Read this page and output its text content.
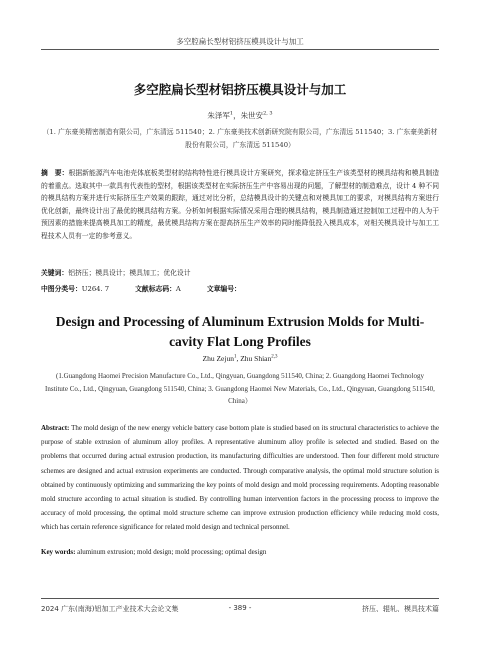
多空腔扁长型材铝挤压模具设计与加工
多空腔扁长型材铝挤压模具设计与加工
朱泽军$^1$，朱世安$^{2, 3}$
（1. 广东豪美精密制造有限公司，广东清远 511540；2. 广东豪美技术创新研究院有限公司，广东清远 511540；3. 广东豪美新材股份有限公司，广东清远 511540）
摘　要：根据新能源汽车电池壳体底板类型材的结构特性进行模具设计方案研究，探求稳定挤压生产该类型材的模具结构和模具制造的着重点。选取其中一款具有代表性的型材，根据该类型材在实际挤压生产中容易出现的问题，了解型材的制造难点，设计 4 种不同的模具结构方案并进行实际挤压生产效果的跟踪，通过对比分析，总结模具设计的关键点和对模具加工的要求，对模具结构方案进行优化创新，最终设计出了最优的模具结构方案。分析如何根据实际情况采用合理的模具结构，模具制造通过控制加工过程中的人为干预因素的措施来提高模具加工的精度，最优模具结构方案在提高挤压生产效率的同时能降低投入模具成本，对相关模具设计与加工工程技术人员有一定的参考意义。
关键词：铝挤压；模具设计；模具加工；优化设计
中图分类号：U264. 7	文献标志码：A	文章编号：
Design and Processing of Aluminum Extrusion Molds for Multi-cavity Flat Long Profiles
Zhu Zejun$^1$, Zhu Shian$^{2,3}$
(1.Guangdong Haomei Precision Manufacture Co., Ltd., Qingyuan, Guangdong 511540, China; 2. Guangdong Haomei Technology Institute Co., Ltd., Qingyuan, Guangdong 511540, China; 3. Guangdong Haomei New Materials, Co., Ltd., Qingyuan, Guangdong 511540, China）
Abstract: The mold design of the new energy vehicle battery case bottom plate is studied based on its structural characteristics to achieve the purpose of stable extrusion of aluminum alloy profiles. A representative aluminum alloy profile is selected and studied. Based on the problems that occurred during actual extrusion production, its manufacturing difficulties are understood. Then four different mold structure schemes are designed and actual extrusion experiments are conducted. Through comparative analysis, the optimal mold structure solution is obtained by continuously optimizing and summarizing the key points of mold design and mold processing requirements. Adopting reasonable mold structure according to actual situation is studied. By controlling human intervention factors in the processing process to improve the accuracy of mold processing, the optimal mold structure scheme can improve extrusion production efficiency while reducing mold costs, which has certain reference significance for related mold design and technical personnel.
Key words: aluminum extrusion; mold design; mold processing; optimal design
2024 广东(南海)铝加工产业技术大会论文集	- 389 -	挤压、辊轧、模具技术篇
